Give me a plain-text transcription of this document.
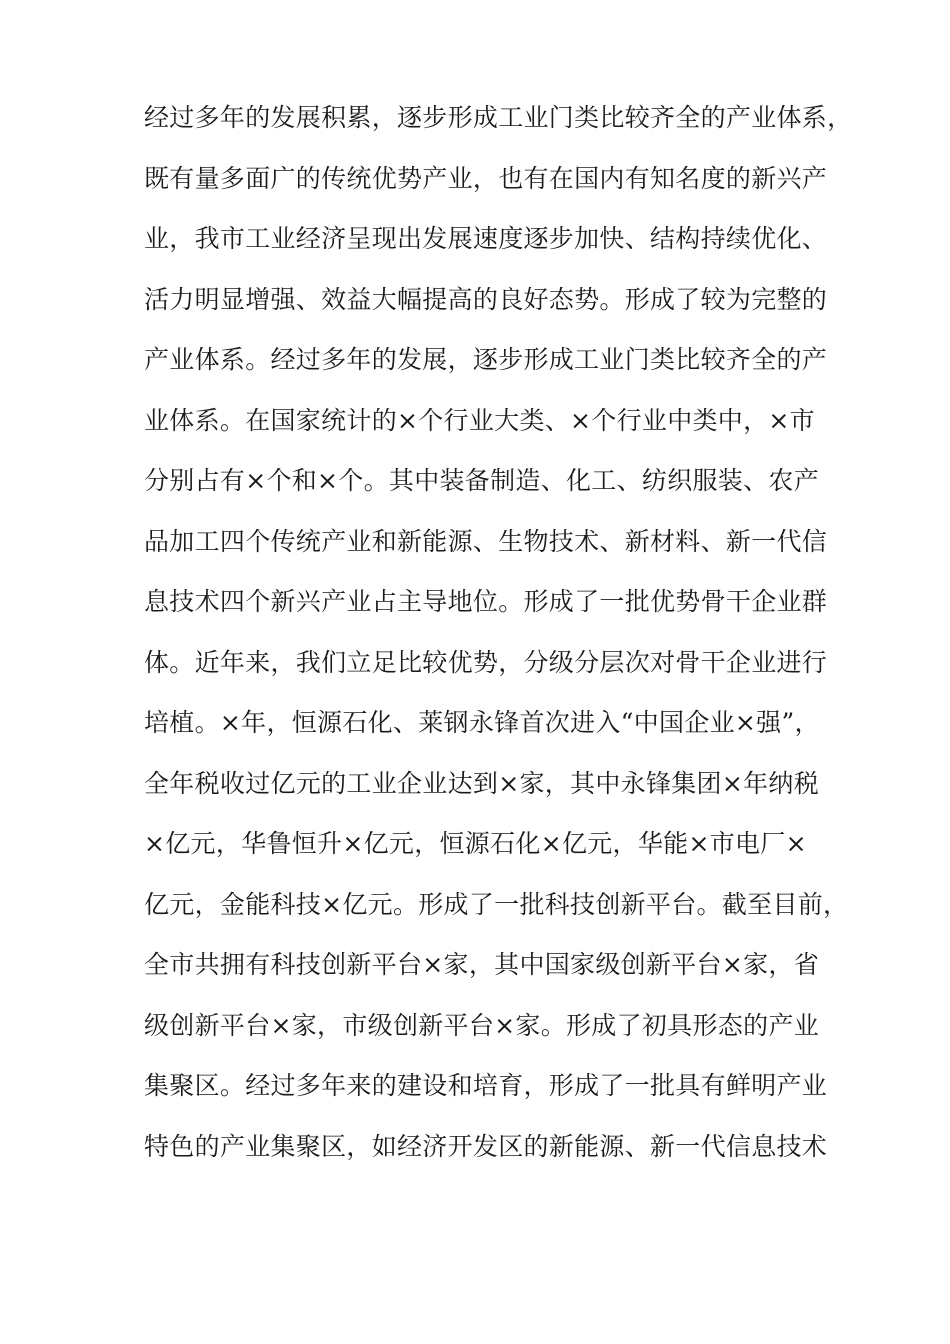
经过多年的发展积累，逐步形成工业门类比较齐全的产业体系，
既有量多面广的传统优势产业，也有在国内有知名度的新兴产
业，我市工业经济呈现出发展速度逐步加快、结构持续优化、
活力明显增强、效益大幅提高的良好态势。形成了较为完整的
产业体系。经过多年的发展，逐步形成工业门类比较齐全的产
业体系。在国家统计的×个行业大类、×个行业中类中，×市
分别占有×个和×个。其中装备制造、化工、纺织服装、农产
品加工四个传统产业和新能源、生物技术、新材料、新一代信
息技术四个新兴产业占主导地位。形成了一批优势骨干企业群
体。近年来，我们立足比较优势，分级分层次对骨干企业进行
培植。×年，恒源石化、莱钢永锋首次进入“中国企业×强”，
全年税收过亿元的工业企业达到×家，其中永锋集团×年纳税
×亿元，华鲁恒升×亿元，恒源石化×亿元，华能×市电厂×
亿元，金能科技×亿元。形成了一批科技创新平台。截至目前，
全市共拥有科技创新平台×家，其中国家级创新平台×家，省
级创新平台×家，市级创新平台×家。形成了初具形态的产业
集聚区。经过多年来的建设和培育，形成了一批具有鲜明产业
特色的产业集聚区，如经济开发区的新能源、新一代信息技术
